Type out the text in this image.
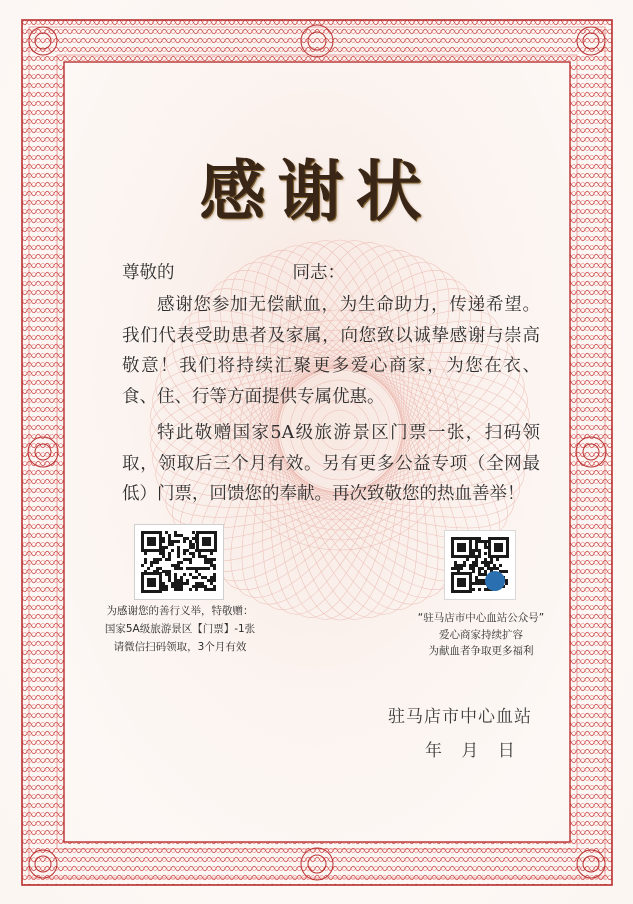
感谢状
尊敬的	同志：
感谢您参加无偿献血，为生命助力，传递希望。我们代表受助患者及家属，向您致以诚挚感谢与崇高敬意！我们将持续汇聚更多爱心商家，为您在衣、食、住、行等方面提供专属优惠。
特此敬赠国家5A级旅游景区门票一张，扫码领取，领取后三个月有效。另有更多公益专项（全网最低）门票，回馈您的奉献。再次致敬您的热血善举！
为感谢您的善行义举，特敬赠：
国家5A级旅游景区【门票】-1张
请微信扫码领取，3个月有效
“驻马店市中心血站公众号”
爱心商家持续扩容
为献血者争取更多福利
驻马店市中心血站
年 月 日
